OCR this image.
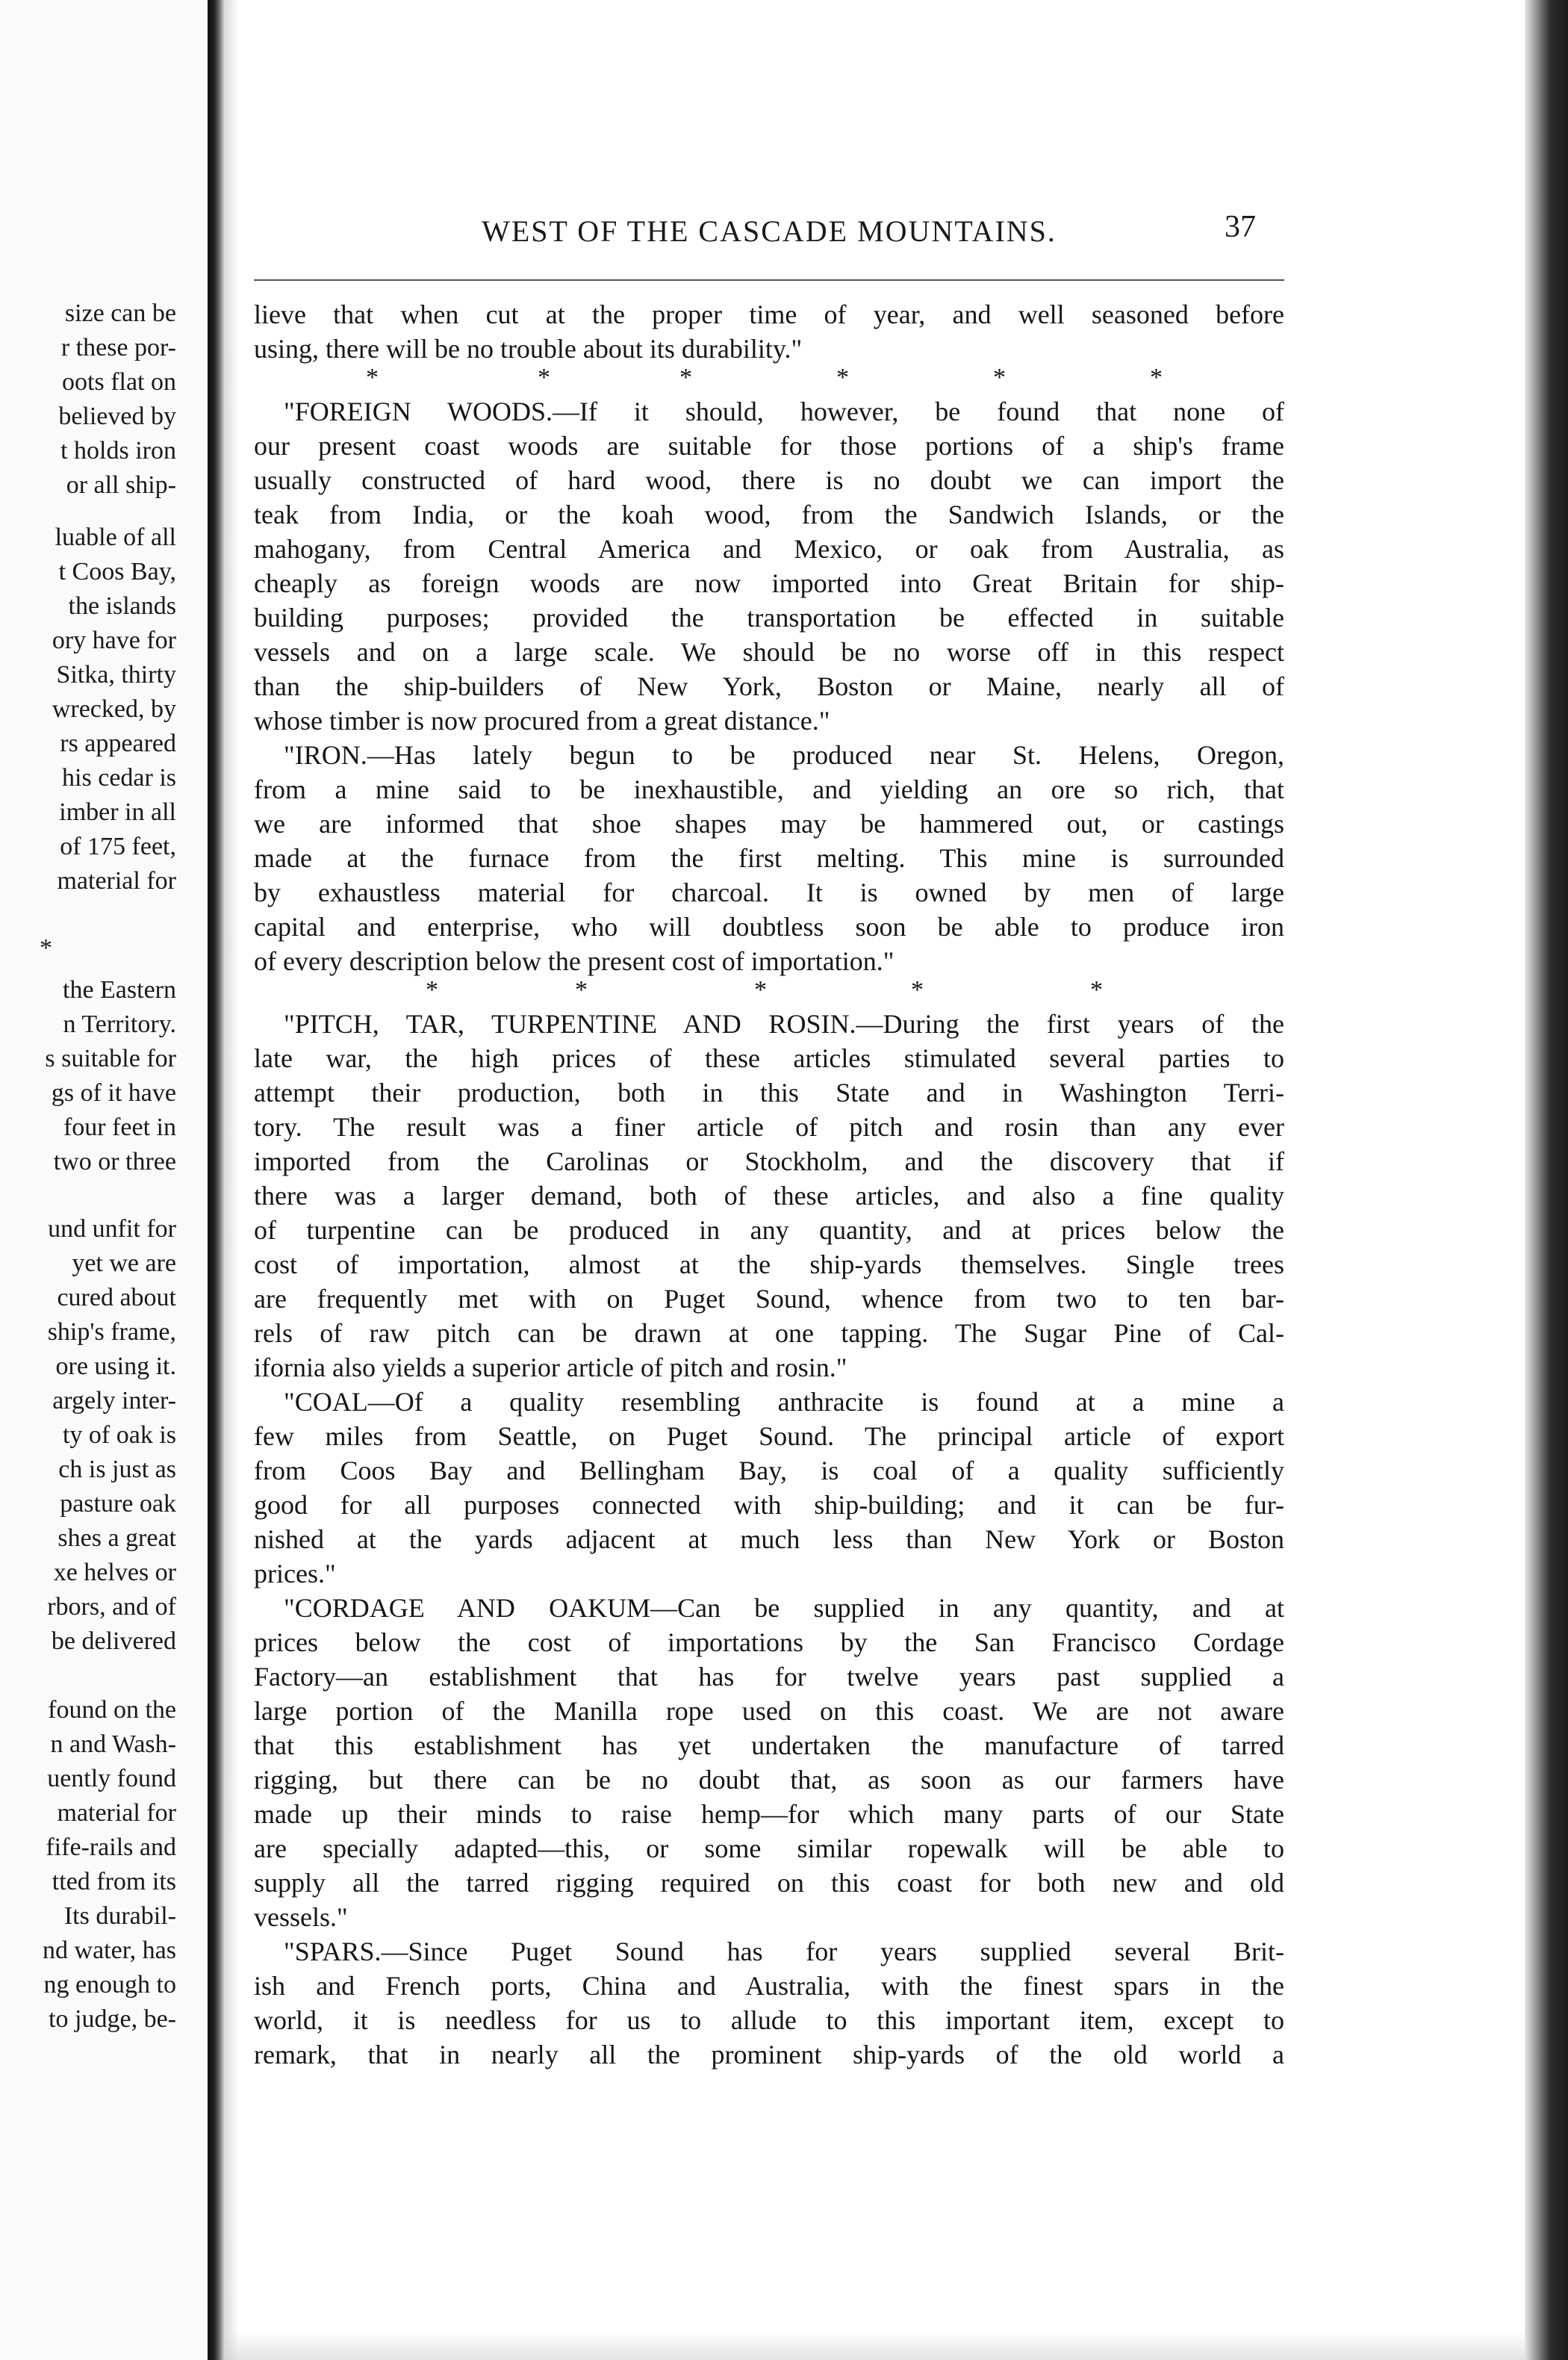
size can be
r these por-
oots flat on
believed by
t holds iron
or all ship-
luable of all
t Coos Bay,
the islands
ory have for
Sitka, thirty
wrecked, by
rs appeared
his cedar is
imber in all
of 175 feet,
material for
*
the Eastern
n Territory.
s suitable for
gs of it have
four feet in
two or three
und unfit for
yet we are
cured about
ship's frame,
ore using it.
argely inter-
ty of oak is
ch is just as
pasture oak
shes a great
xe helves or
rbors, and of
be delivered
found on the
n and Wash-
uently found
material for
fife-rails and
tted from its
Its durabil-
nd water, has
ng enough to
to judge, be-
WEST OF THE CASCADE MOUNTAINS.	37
lieve that when cut at the proper time of year, and well seasoned before
using, there will be no trouble about its durability."
"FOREIGN WOODS.—If it should, however, be found that none of
our present coast woods are suitable for those portions of a ship's frame
usually constructed of hard wood, there is no doubt we can import the
teak from India, or the koah wood, from the Sandwich Islands, or the
mahogany, from Central America and Mexico, or oak from Australia, as
cheaply as foreign woods are now imported into Great Britain for ship-
building purposes; provided the transportation be effected in suitable
vessels and on a large scale. We should be no worse off in this respect
than the ship-builders of New York, Boston or Maine, nearly all of
whose timber is now procured from a great distance."
"IRON.—Has lately begun to be produced near St. Helens, Oregon,
from a mine said to be inexhaustible, and yielding an ore so rich, that
we are informed that shoe shapes may be hammered out, or castings
made at the furnace from the first melting. This mine is surrounded
by exhaustless material for charcoal. It is owned by men of large
capital and enterprise, who will doubtless soon be able to produce iron
of every description below the present cost of importation."
"PITCH, TAR, TURPENTINE AND ROSIN.—During the first years of the
late war, the high prices of these articles stimulated several parties to
attempt their production, both in this State and in Washington Terri-
tory. The result was a finer article of pitch and rosin than any ever
imported from the Carolinas or Stockholm, and the discovery that if
there was a larger demand, both of these articles, and also a fine quality
of turpentine can be produced in any quantity, and at prices below the
cost of importation, almost at the ship-yards themselves. Single trees
are frequently met with on Puget Sound, whence from two to ten bar-
rels of raw pitch can be drawn at one tapping. The Sugar Pine of Cal-
ifornia also yields a superior article of pitch and rosin."
"COAL—Of a quality resembling anthracite is found at a mine a
few miles from Seattle, on Puget Sound. The principal article of export
from Coos Bay and Bellingham Bay, is coal of a quality sufficiently
good for all purposes connected with ship-building; and it can be fur-
nished at the yards adjacent at much less than New York or Boston
prices."
"CORDAGE AND OAKUM—Can be supplied in any quantity, and at
prices below the cost of importations by the San Francisco Cordage
Factory—an establishment that has for twelve years past supplied a
large portion of the Manilla rope used on this coast. We are not aware
that this establishment has yet undertaken the manufacture of tarred
rigging, but there can be no doubt that, as soon as our farmers have
made up their minds to raise hemp—for which many parts of our State
are specially adapted—this, or some similar ropewalk will be able to
supply all the tarred rigging required on this coast for both new and old
vessels."
"SPARS.—Since Puget Sound has for years supplied several Brit-
ish and French ports, China and Australia, with the finest spars in the
world, it is needless for us to allude to this important item, except to
remark, that in nearly all the prominent ship-yards of the old world a
*	*	*	*	*	*
*	*	*	*	*
